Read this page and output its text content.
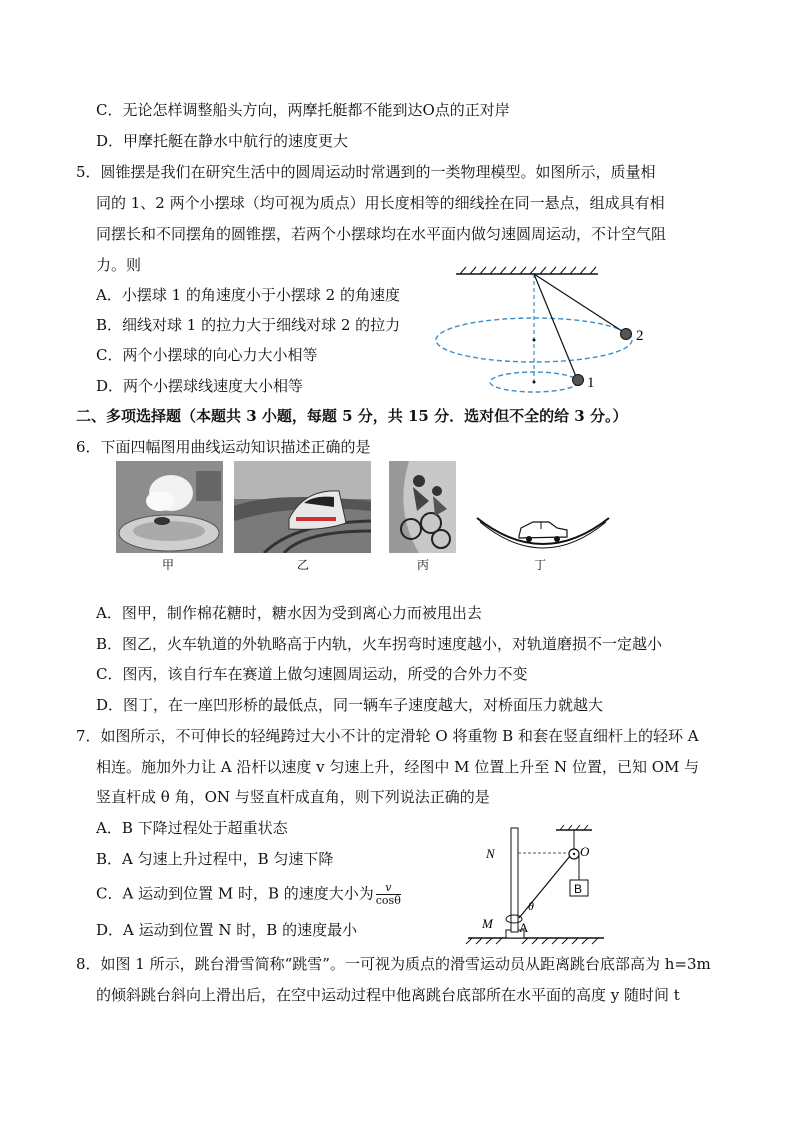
C．无论怎样调整船头方向，两摩托艇都不能到达O点的正对岸
D．甲摩托艇在静水中航行的速度更大
5．圆锥摆是我们在研究生活中的圆周运动时常遇到的一类物理模型。如图所示，质量相
同的 1、2 两个小摆球（均可视为质点）用长度相等的细线拴在同一悬点，组成具有相
同摆长和不同摆角的圆锥摆，若两个小摆球均在水平面内做匀速圆周运动，不计空气阻
力。则
A．小摆球 1 的角速度小于小摆球 2 的角速度
B．细线对球 1 的拉力大于细线对球 2 的拉力
C．两个小摆球的向心力大小相等
D．两个小摆球线速度大小相等
2
1
二、多项选择题（本题共 3 小题，每题 5 分，共 15 分．选对但不全的给 3 分。）
6．下面四幅图用曲线运动知识描述正确的是
甲	乙	丙	丁
A．图甲，制作棉花糖时，糖水因为受到离心力而被甩出去
B．图乙，火车轨道的外轨略高于内轨，火车拐弯时速度越小，对轨道磨损不一定越小
C．图丙，该自行车在赛道上做匀速圆周运动，所受的合外力不变
D．图丁，在一座凹形桥的最低点，同一辆车子速度越大，对桥面压力就越大
7．如图所示，不可伸长的轻绳跨过大小不计的定滑轮 O 将重物 B 和套在竖直细杆上的轻环 A
相连。施加外力让 A 沿杆以速度 v 匀速上升，经图中 M 位置上升至 N 位置，已知 OM 与
竖直杆成 θ 角，ON 与竖直杆成直角，则下列说法正确的是
A．B 下降过程处于超重状态
B．A 匀速上升过程中，B 匀速下降
C．A 运动到位置 M 时，B 的速度大小为 $\frac{v}{\cos\theta}$
D．A 运动到位置 N 时，B 的速度最小
B
N	O
θ
M A
8．如图 1 所示，跳台滑雪简称“跳雪”。一可视为质点的滑雪运动员从距离跳台底部高为 h=3m
的倾斜跳台斜向上滑出后，在空中运动过程中他离跳台底部所在水平面的高度 y 随时间 t
